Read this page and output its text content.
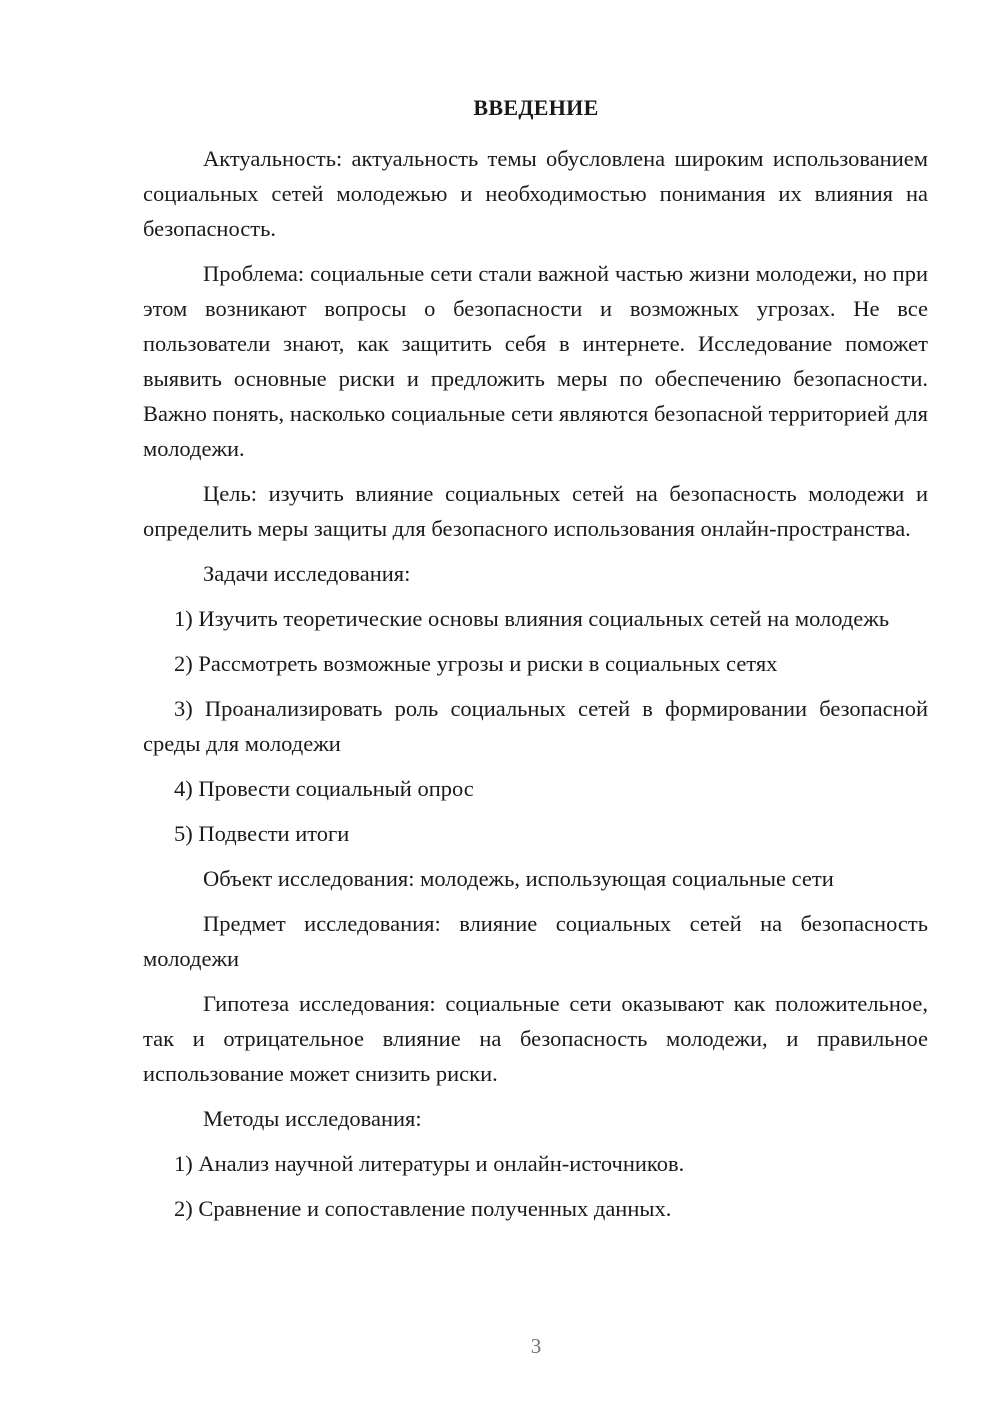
ВВЕДЕНИЕ

Актуальность: актуальность темы обусловлена широким использованием социальных сетей молодежью и необходимостью понимания их влияния на безопасность.

Проблема: социальные сети стали важной частью жизни молодежи, но при этом возникают вопросы о безопасности и возможных угрозах. Не все пользователи знают, как защитить себя в интернете. Исследование поможет выявить основные риски и предложить меры по обеспечению безопасности. Важно понять, насколько социальные сети являются безопасной территорией для молодежи.

Цель: изучить влияние социальных сетей на безопасность молодежи и определить меры защиты для безопасного использования онлайн-пространства.

Задачи исследования:

1) Изучить теоретические основы влияния социальных сетей на молодежь

2) Рассмотреть возможные угрозы и риски в социальных сетях

3) Проанализировать роль социальных сетей в формировании безопасной среды для молодежи

4) Провести социальный опрос

5) Подвести итоги

Объект исследования: молодежь, использующая социальные сети

Предмет исследования: влияние социальных сетей на безопасность молодежи

Гипотеза исследования: социальные сети оказывают как положительное, так и отрицательное влияние на безопасность молодежи, и правильное использование может снизить риски.

Методы исследования:

1) Анализ научной литературы и онлайн-источников.

2) Сравнение и сопоставление полученных данных.

3
